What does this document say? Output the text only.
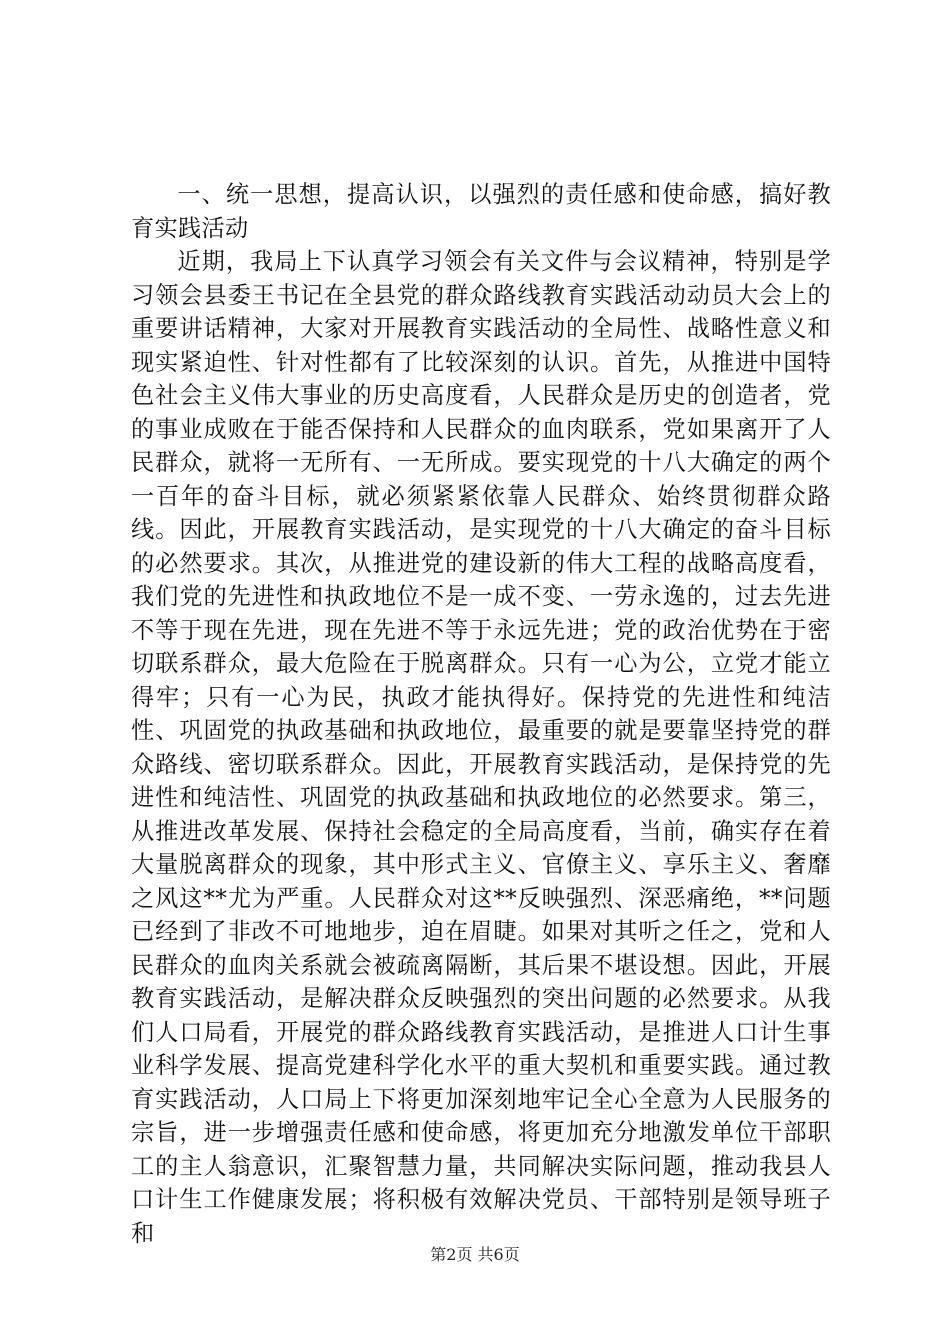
一、统一思想，提高认识，以强烈的责任感和使命感，搞好教育实践活动

近期，我局上下认真学习领会有关文件与会议精神，特别是学习领会县委王书记在全县党的群众路线教育实践活动动员大会上的重要讲话精神，大家对开展教育实践活动的全局性、战略性意义和现实紧迫性、针对性都有了比较深刻的认识。首先，从推进中国特色社会主义伟大事业的历史高度看，人民群众是历史的创造者，党的事业成败在于能否保持和人民群众的血肉联系，党如果离开了人民群众，就将一无所有、一无所成。要实现党的十八大确定的两个一百年的奋斗目标，就必须紧紧依靠人民群众、始终贯彻群众路线。因此，开展教育实践活动，是实现党的十八大确定的奋斗目标的必然要求。其次，从推进党的建设新的伟大工程的战略高度看，我们党的先进性和执政地位不是一成不变、一劳永逸的，过去先进不等于现在先进，现在先进不等于永远先进；党的政治优势在于密切联系群众，最大危险在于脱离群众。只有一心为公，立党才能立得牢；只有一心为民，执政才能执得好。保持党的先进性和纯洁性、巩固党的执政基础和执政地位，最重要的就是要靠坚持党的群众路线、密切联系群众。因此，开展教育实践活动，是保持党的先进性和纯洁性、巩固党的执政基础和执政地位的必然要求。第三，从推进改革发展、保持社会稳定的全局高度看，当前，确实存在着大量脱离群众的现象，其中形式主义、官僚主义、享乐主义、奢靡之风这**尤为严重。人民群众对这**反映强烈、深恶痛绝，**问题已经到了非改不可地地步，迫在眉睫。如果对其听之任之，党和人民群众的血肉关系就会被疏离隔断，其后果不堪设想。因此，开展教育实践活动，是解决群众反映强烈的突出问题的必然要求。从我们人口局看，开展党的群众路线教育实践活动，是推进人口计生事业科学发展、提高党建科学化水平的重大契机和重要实践。通过教育实践活动，人口局上下将更加深刻地牢记全心全意为人民服务的宗旨，进一步增强责任感和使命感，将更加充分地激发单位干部职工的主人翁意识，汇聚智慧力量，共同解决实际问题，推动我县人口计生工作健康发展；将积极有效解决党员、干部特别是领导班子和

第2页 共6页
